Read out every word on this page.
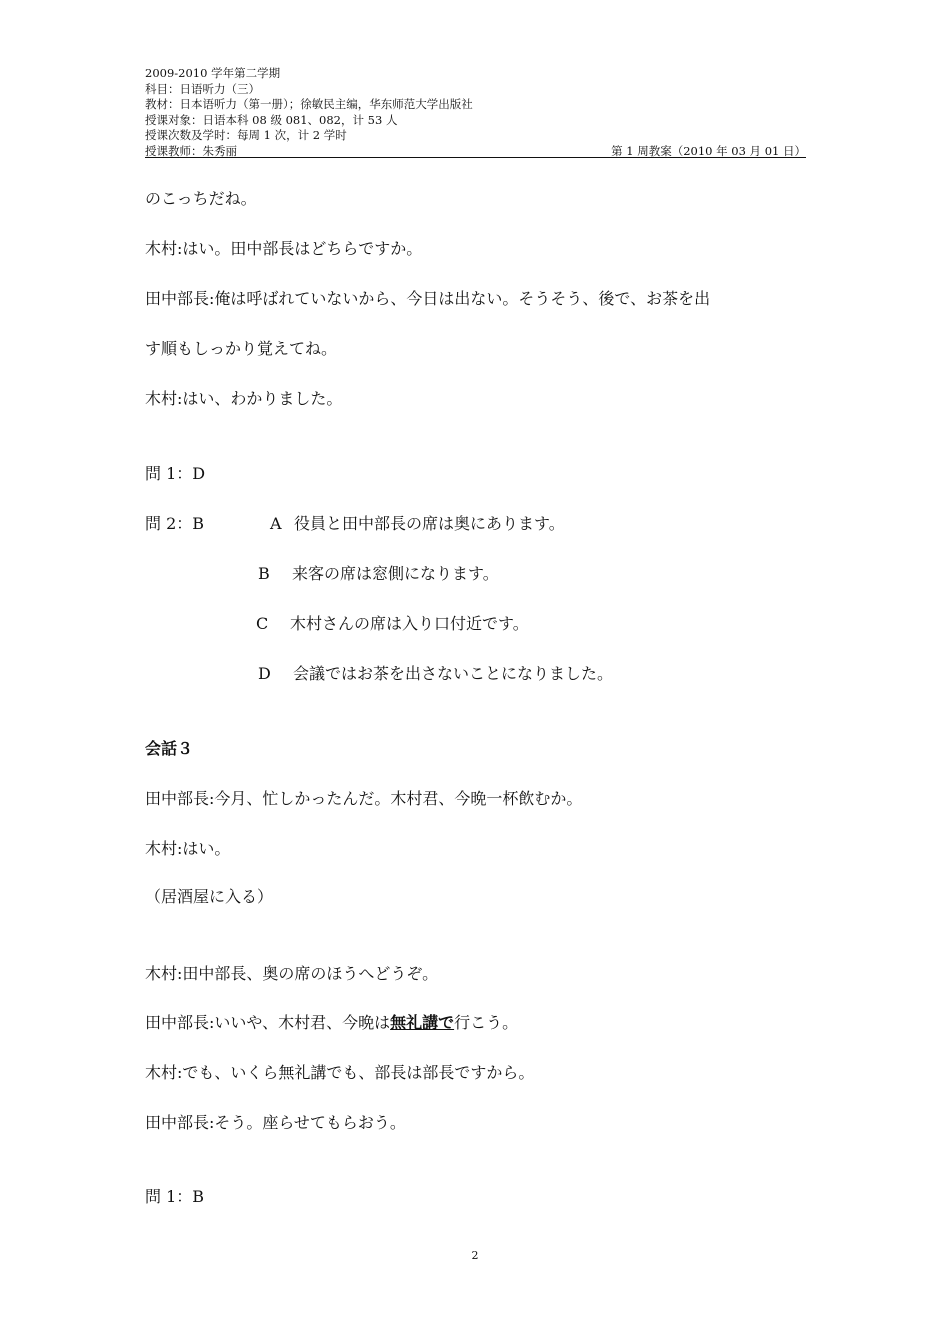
2009-2010 学年第二学期
科目：日语听力（三）
教材：日本语听力（第一册）；徐敏民主编，华东师范大学出版社
授课对象：日语本科 08 级 081、082，计 53 人
授课次数及学时：每周 1 次，计 2 学时
授课教师：朱秀丽	第 1 周教案（2010 年 03 月 01 日）
のこっちだね。
木村:はい。田中部長はどちらですか。
田中部長:俺は呼ばれていないから、今日は出ない。そうそう、後で、お茶を出
す順もしっかり覚えてね。
木村:はい、わかりました。
問 1：D
問 2：B	A 役員と田中部長の席は奥にあります。
B 来客の席は窓側になります。
C 木村さんの席は入り口付近です。
D 会議ではお茶を出さないことになりました。
会話３
田中部長:今月、忙しかったんだ。木村君、今晩一杯飲むか。
木村:はい。
（居酒屋に入る）
木村:田中部長、奥の席のほうへどうぞ。
田中部長:いいや、木村君、今晩は無礼講で行こう。
木村:でも、いくら無礼講でも、部長は部長ですから。
田中部長:そう。座らせてもらおう。
問 1：B
2
